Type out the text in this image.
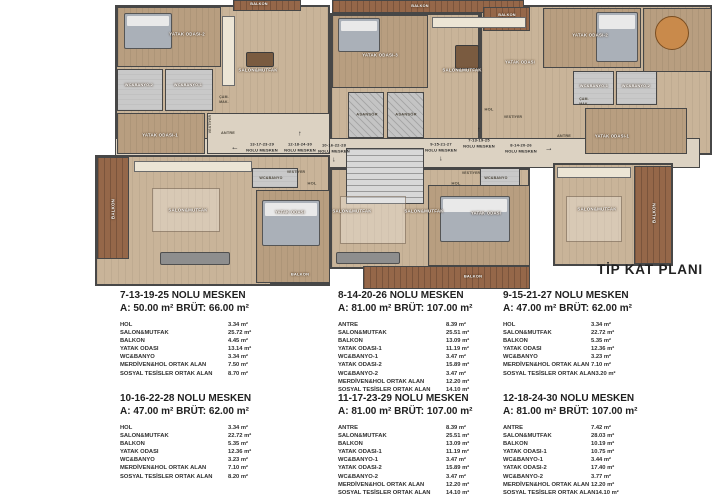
BALKON	BALKON
YATAK ODASI-2
SALON&MUTFAK
WC&BANYO-2	WC&BANYO-1
ÇAM.
MAK.
YATAK ODASI-1
VESTİYER ANTRE
YATAK ODASI-3
SALON&MUTFAK
ASANSÖR	ASANSÖR
BALKON
YATAK ODASI-2
YATAK ODASI
WC&BANYO-1	WC&BANYO-2
ÇAM.
MAK.
HOL
VESTİYER
ANTRE	YATAK ODASI-1
←	13-17-23-29
NOLU MESKEN
↑
12-18-24-30
NOLU MESKEN
10-16-22-28
NOLU MESKEN
↓
9-15-21-27
NOLU MESKEN
↓
↑
7-13-19-25
NOLU MESKEN	8-14-20-26
NOLU MESKEN →
BALKON	SALON&MUTFAK
WC&BANYO
VESTİYER
HOL
YATAK ODASI
BALKON
SALON&MUTFAK	SALON&MUTFAK
HOL
VESTİYER
WC&BANYO
YATAK ODASI
BALKON
SALON&MUTFAK	BALKON
TİP KAT PLANI
7-13-19-25 NOLU MESKEN
A: 50.00 m² BRÜT: 66.00 m²
HOL	3.34 m²
SALON&MUTFAK	25.72 m²
BALKON	4.45 m²
YATAK ODASI	13.14 m²
WC&BANYO	3.34 m²
MERDİVEN&HOL ORTAK ALAN	7.50 m²
SOSYAL TESİSLER ORTAK ALAN	8.70 m²
8-14-20-26 NOLU MESKEN
A: 81.00 m² BRÜT: 107.00 m²
ANTRE	8.39 m²
SALON&MUTFAK	25.51 m²
BALKON	13.09 m²
YATAK ODASI-1	11.19 m²
WC&BANYO-1	3.47 m²
YATAK ODASI-2	15.89 m²
WC&BANYO-2	3.47 m²
MERDİVEN&HOL ORTAK ALAN	12.20 m²
SOSYAL TESİSLER ORTAK ALAN	14.10 m²
9-15-21-27 NOLU MESKEN
A: 47.00 m² BRÜT: 62.00 m²
HOL	3.34 m²
SALON&MUTFAK	22.72 m²
BALKON	5.35 m²
YATAK ODASI	12.36 m²
WC&BANYO	3.23 m²
MERDİVEN&HOL ORTAK ALAN 7.10 m²
SOSYAL TESİSLER ORTAK ALAN 3.20 m²
10-16-22-28 NOLU MESKEN
A: 47.00 m² BRÜT: 62.00 m²
HOL	3.34 m²
SALON&MUTFAK	22.72 m²
BALKON	5.35 m²
YATAK ODASI	12.36 m²
WC&BANYO	3.23 m²
MERDİVEN&HOL ORTAK ALAN	7.10 m²
SOSYAL TESİSLER ORTAK ALAN	8.20 m²
11-17-23-29 NOLU MESKEN
A: 81.00 m² BRÜT: 107.00 m²
ANTRE	8.39 m²
SALON&MUTFAK	25.51 m²
BALKON	13.09 m²
YATAK ODASI-1	11.19 m²
WC&BANYO-1	3.47 m²
YATAK ODASI-2	15.89 m²
WC&BANYO-2	3.47 m²
MERDİVEN&HOL ORTAK ALAN	12.20 m²
SOSYAL TESİSLER ORTAK ALAN	14.10 m²
12-18-24-30 NOLU MESKEN
A: 81.00 m² BRÜT: 107.00 m²
ANTRE	7.42 m²
SALON&MUTFAK	28.03 m²
BALKON	10.19 m²
YATAK ODASI-1	10.75 m²
WC&BANYO-1	3.44 m²
YATAK ODASI-2	17.40 m²
WC&BANYO-2	3.77 m²
MERDİVEN&HOL ORTAK ALAN 12.20 m²
SOSYAL TESİSLER ORTAK ALAN 14.10 m²
